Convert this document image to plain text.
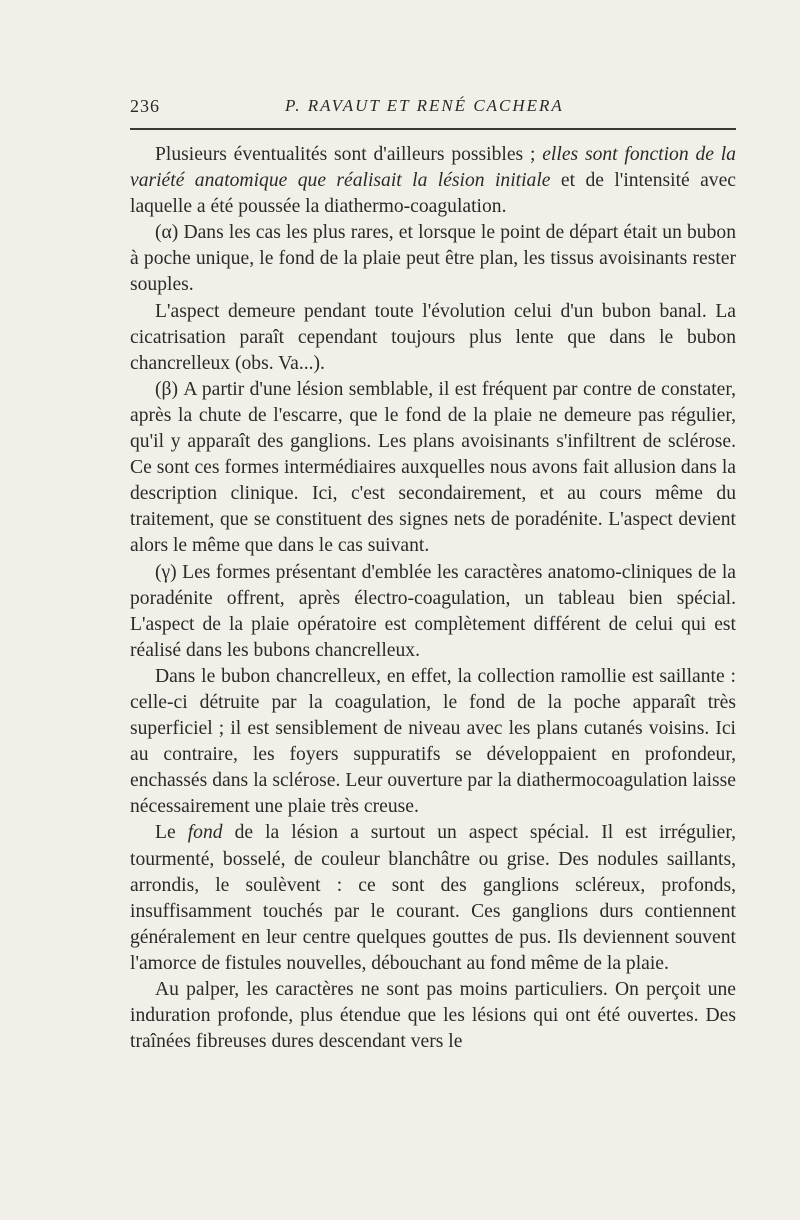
236	P. RAVAUT ET RENÉ CACHERA

Plusieurs éventualités sont d'ailleurs possibles ; elles sont fonction de la variété anatomique que réalisait la lésion initiale et de l'intensité avec laquelle a été poussée la diathermo-coagulation.

(α) Dans les cas les plus rares, et lorsque le point de départ était un bubon à poche unique, le fond de la plaie peut être plan, les tissus avoisinants rester souples.

L'aspect demeure pendant toute l'évolution celui d'un bubon banal. La cicatrisation paraît cependant toujours plus lente que dans le bubon chancrelleux (obs. Va...).

(β) A partir d'une lésion semblable, il est fréquent par contre de constater, après la chute de l'escarre, que le fond de la plaie ne demeure pas régulier, qu'il y apparaît des ganglions. Les plans avoisinants s'infiltrent de sclérose. Ce sont ces formes intermédiaires auxquelles nous avons fait allusion dans la description clinique. Ici, c'est secondairement, et au cours même du traitement, que se constituent des signes nets de poradénite. L'aspect devient alors le même que dans le cas suivant.

(γ) Les formes présentant d'emblée les caractères anatomo-cliniques de la poradénite offrent, après électro-coagulation, un tableau bien spécial. L'aspect de la plaie opératoire est complètement différent de celui qui est réalisé dans les bubons chancrelleux.

Dans le bubon chancrelleux, en effet, la collection ramollie est saillante : celle-ci détruite par la coagulation, le fond de la poche apparaît très superficiel ; il est sensiblement de niveau avec les plans cutanés voisins. Ici au contraire, les foyers suppuratifs se développaient en profondeur, enchassés dans la sclérose. Leur ouverture par la diathermocoagulation laisse nécessairement une plaie très creuse.

Le fond de la lésion a surtout un aspect spécial. Il est irrégulier, tourmenté, bosselé, de couleur blanchâtre ou grise. Des nodules saillants, arrondis, le soulèvent : ce sont des ganglions scléreux, profonds, insuffisamment touchés par le courant. Ces ganglions durs contiennent généralement en leur centre quelques gouttes de pus. Ils deviennent souvent l'amorce de fistules nouvelles, débouchant au fond même de la plaie.

Au palper, les caractères ne sont pas moins particuliers. On perçoit une induration profonde, plus étendue que les lésions qui ont été ouvertes. Des traînées fibreuses dures descendant vers le
